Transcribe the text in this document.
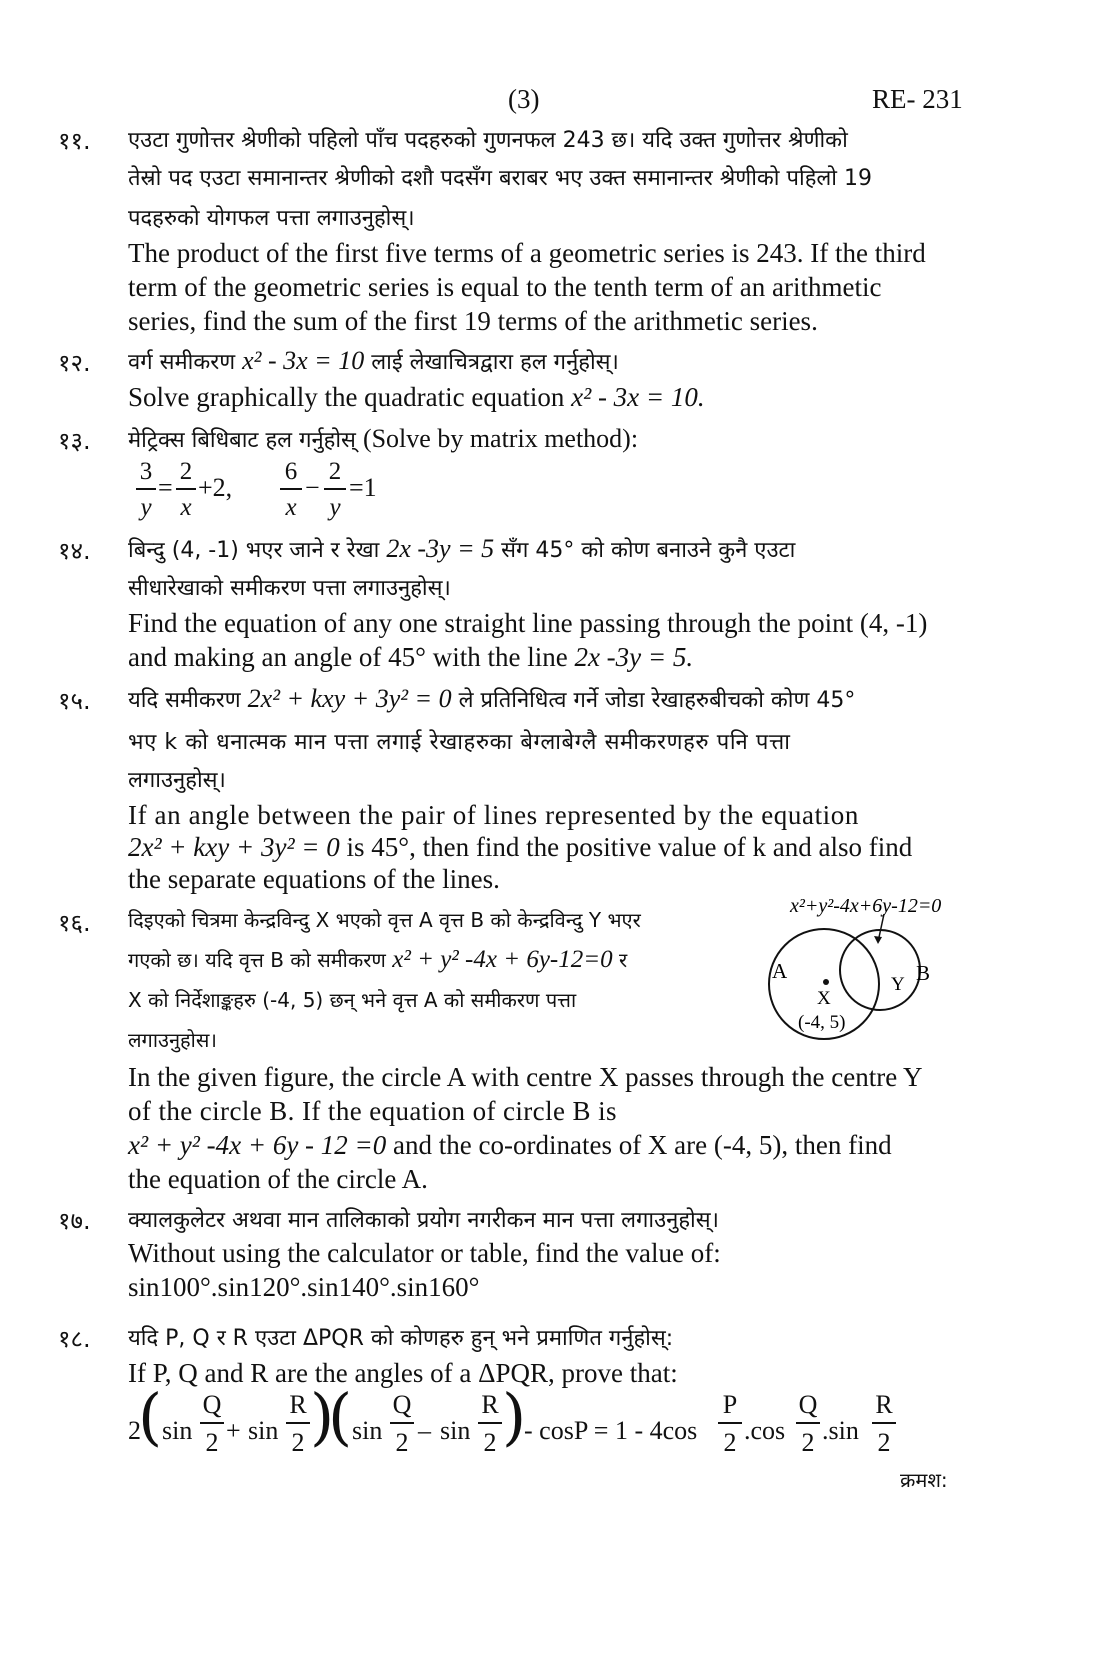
(3)	RE- 231
११. एउटा गुणोत्तर श्रेणीको पहिलो पाँच पदहरुको गुणनफल 243 छ। यदि उक्त गुणोत्तर श्रेणीको
तेस्रो पद एउटा समानान्तर श्रेणीको दशौ पदसँग बराबर भए उक्त समानान्तर श्रेणीको पहिलो 19
पदहरुको योगफल पत्ता लगाउनुहोस्।
The product of the first five terms of a geometric series is 243. If the third
term of the geometric series is equal to the tenth term of an arithmetic
series, find the sum of the first 19 terms of the arithmetic series.
१२. वर्ग समीकरण x² - 3x = 10 लाई लेखाचित्रद्वारा हल गर्नुहोस्।
Solve graphically the quadratic equation x² - 3x = 10.
१३. मेट्रिक्स बिधिबाट हल गर्नुहोस् (Solve by matrix method):
3
y
=
2
x
+2,
6
x
−
2
y
=1
१४. बिन्दु (4, -1) भएर जाने र रेखा 2x -3y = 5 सँग 45° को कोण बनाउने कुनै एउटा
सीधारेखाको समीकरण पत्ता लगाउनुहोस्।
Find the equation of any one straight line passing through the point (4, -1)
and making an angle of 45° with the line 2x -3y = 5.
१५. यदि समीकरण 2x² + kxy + 3y² = 0 ले प्रतिनिधित्व गर्ने जोडा रेखाहरुबीचको कोण 45°
भए k को धनात्मक मान पत्ता लगाई रेखाहरुका बेग्लाबेग्लै समीकरणहरु पनि पत्ता
लगाउनुहोस्।
If an angle between the pair of lines represented by the equation
2x² + kxy + 3y² = 0 is 45°, then find the positive value of k and also find
the separate equations of the lines.
१६. दिइएको चित्रमा केन्द्रविन्दु X भएको वृत्त A वृत्त B को केन्द्रविन्दु Y भएर
गएको छ। यदि वृत्त B को समीकरण x² + y² -4x + 6y-12=0 र
X को निर्देशाङ्कहरु (-4, 5) छन् भने वृत्त A को समीकरण पत्ता
लगाउनुहोस।
x²+y²-4x+6y-12=0
A	B
X
Y
(-4, 5)
In the given figure, the circle A with centre X passes through the centre Y
of the circle B. If the equation of circle B is
x² + y² -4x + 6y - 12 =0 and the co-ordinates of X are (-4, 5), then find
the equation of the circle A.
१७. क्यालकुलेटर अथवा मान तालिकाको प्रयोग नगरीकन मान पत्ता लगाउनुहोस्।
Without using the calculator or table, find the value of:
sin100°.sin120°.sin140°.sin160°
१८. यदि P, Q र R एउटा ΔPQR को कोणहरु हुन् भने प्रमाणित गर्नुहोस्:
If P, Q and R are the angles of a ΔPQR, prove that:
2
( sin
Q
2 + sin
R
2 )
( sin
Q
2 – sin
R
2 )
- cosP = 1 - 4cos
P
2 .cos
Q
2 .sin
R
2
क्रमश:
